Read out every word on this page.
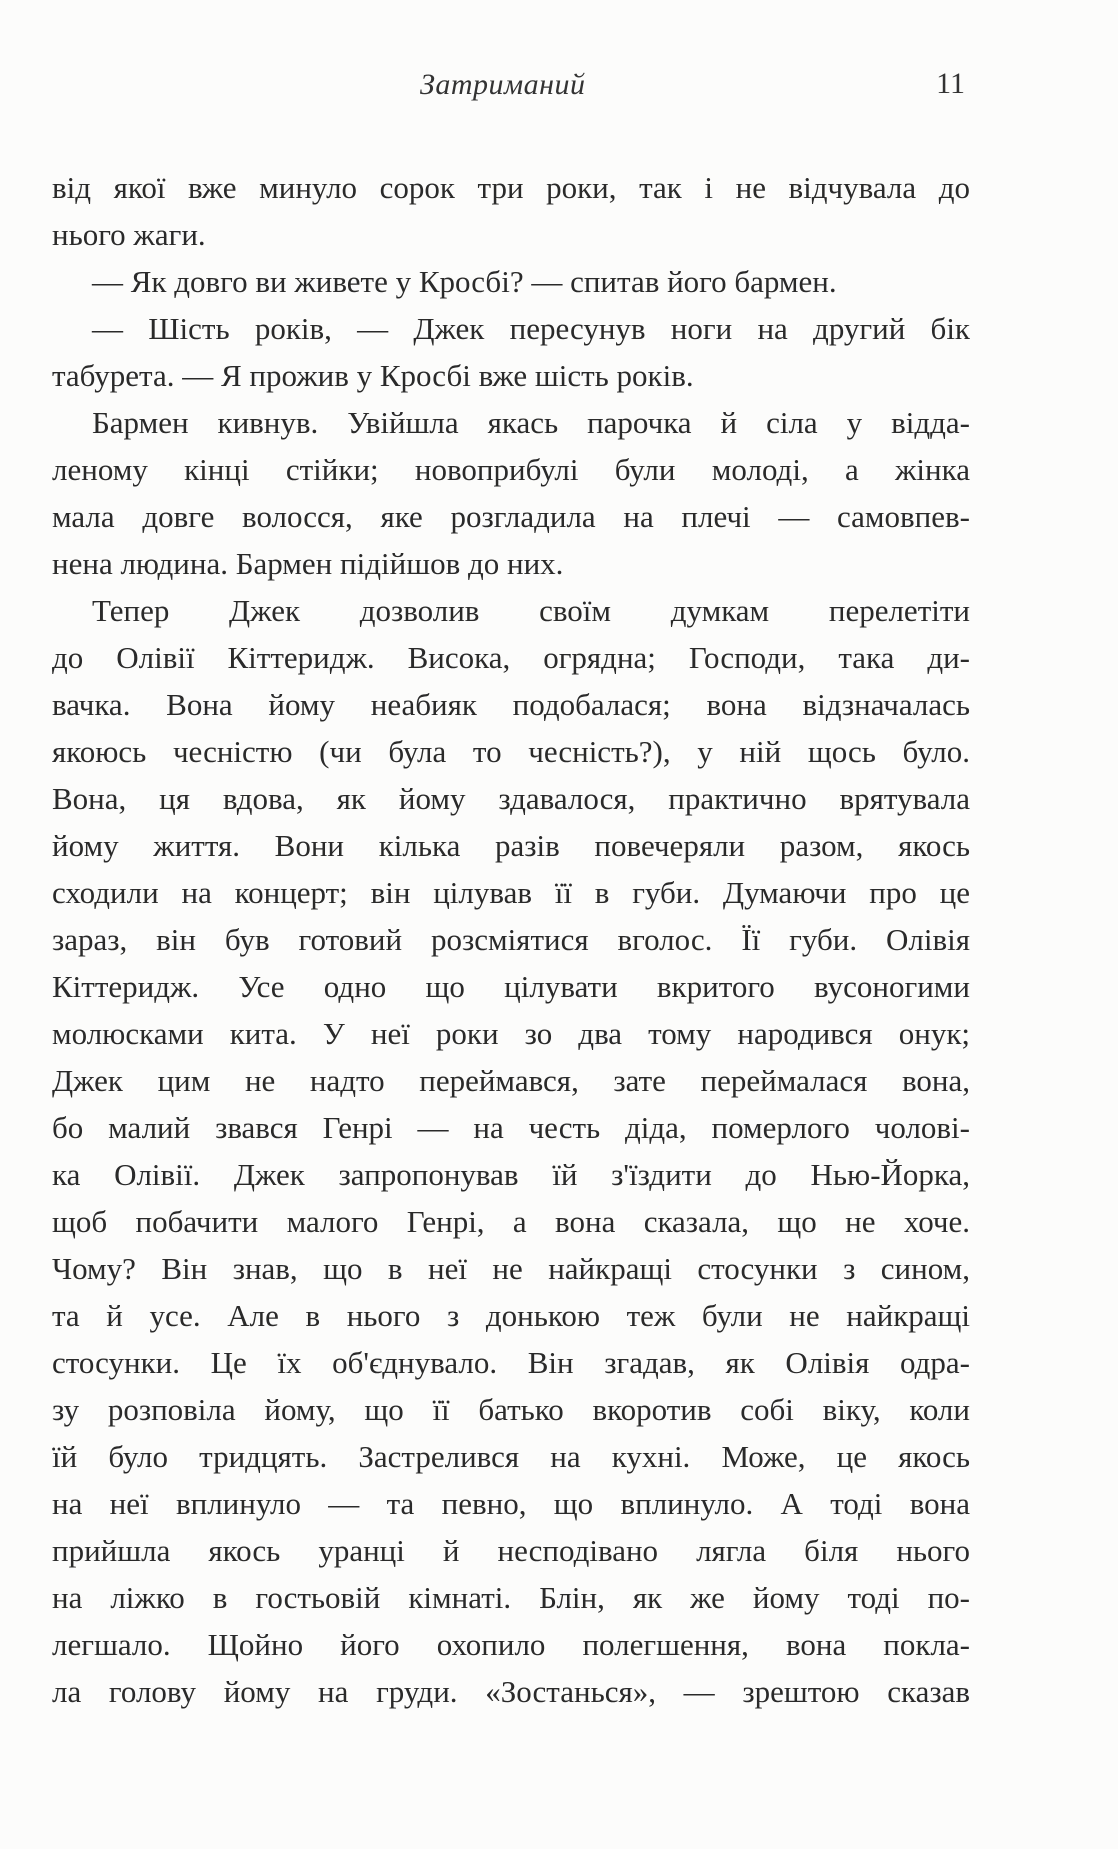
Затриманий	11
від якої вже минуло сорок три роки, так і не відчувала до
нього жаги.
— Як довго ви живете у Кросбі? — спитав його бармен.
— Шість років, — Джек пересунув ноги на другий бік
табурета. — Я прожив у Кросбі вже шість років.
Бармен кивнув. Увійшла якась парочка й сіла у відда-
леному кінці стійки; новоприбулі були молоді, а жінка
мала довге волосся, яке розгладила на плечі — самовпев-
нена людина. Бармен підійшов до них.
Тепер Джек дозволив своїм думкам перелетіти
до Олівії Кіттеридж. Висока, огрядна; Господи, така ди-
вачка. Вона йому неабияк подобалася; вона відзначалась
якоюсь чесністю (чи була то чесність?), у ній щось було.
Вона, ця вдова, як йому здавалося, практично врятувала
йому життя. Вони кілька разів повечеряли разом, якось
сходили на концерт; він цілував її в губи. Думаючи про це
зараз, він був готовий розсміятися вголос. Її губи. Олівія
Кіттеридж. Усе одно що цілувати вкритого вусоногими
молюсками кита. У неї роки зо два тому народився онук;
Джек цим не надто переймався, зате переймалася вона,
бо малий звався Генрі — на честь діда, померлого чолові-
ка Олівії. Джек запропонував їй з'їздити до Нью-Йорка,
щоб побачити малого Генрі, а вона сказала, що не хоче.
Чому? Він знав, що в неї не найкращі стосунки з сином,
та й усе. Але в нього з донькою теж були не найкращі
стосунки. Це їх об'єднувало. Він згадав, як Олівія одра-
зу розповіла йому, що її батько вкоротив собі віку, коли
їй було тридцять. Застрелився на кухні. Може, це якось
на неї вплинуло — та певно, що вплинуло. А тоді вона
прийшла якось уранці й несподівано лягла біля нього
на ліжко в гостьовій кімнаті. Блін, як же йому тоді по-
легшало. Щойно його охопило полегшення, вона покла-
ла голову йому на груди. «Зостанься», — зрештою сказав
